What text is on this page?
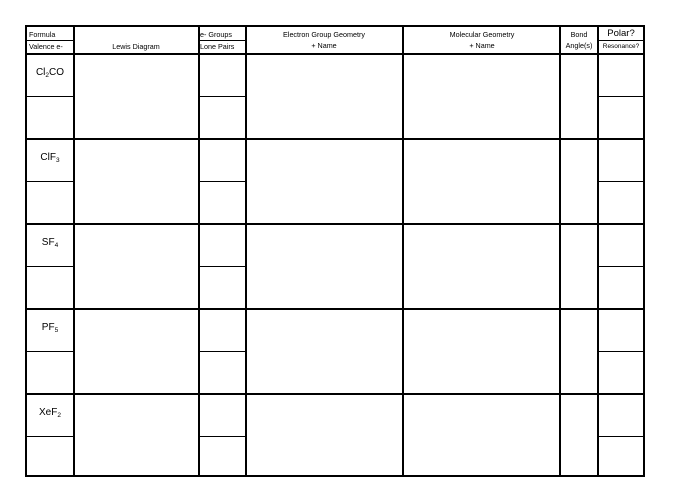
Formula
Valence e-	Lewis Diagram
e- Groups
Lone Pairs
Electron Group Geometry
+ Name
Molecular Geometry
+ Name
Bond
Angle(s)
Polar?
Resonance?
$Cl_2CO$
ClF$_3$
$SF_4$
$PF_5$
XeF$_2$
